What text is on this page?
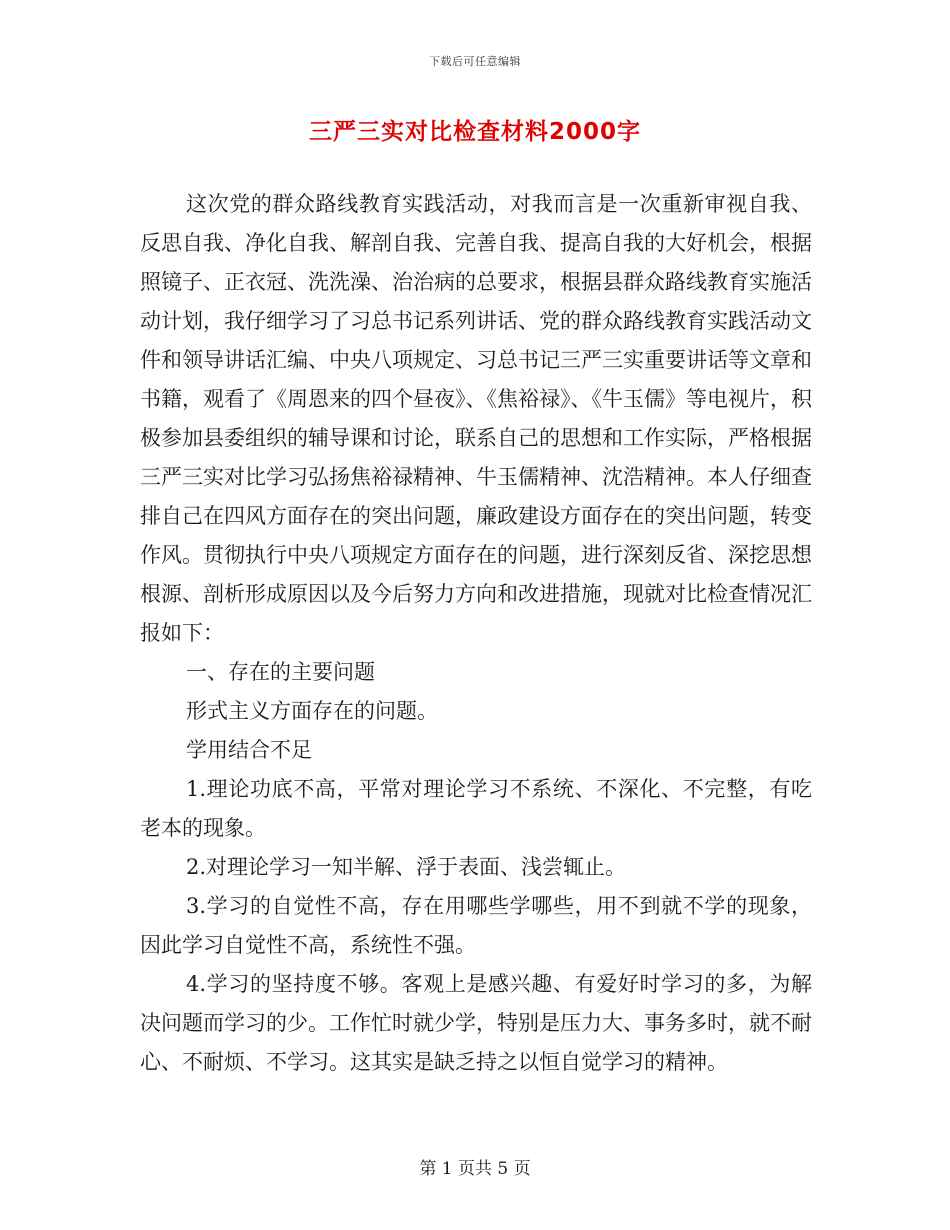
下载后可任意编辑
三严三实对比检查材料2000字

这次党的群众路线教育实践活动，对我而言是一次重新审视自我、反思自我、净化自我、解剖自我、完善自我、提高自我的大好机会，根据照镜子、正衣冠、洗洗澡、治治病的总要求，根据县群众路线教育实施活动计划，我仔细学习了习总书记系列讲话、党的群众路线教育实践活动文件和领导讲话汇编、中央八项规定、习总书记三严三实重要讲话等文章和书籍，观看了《周恩来的四个昼夜》、《焦裕禄》、《牛玉儒》等电视片，积极参加县委组织的辅导课和讨论，联系自己的思想和工作实际，严格根据三严三实对比学习弘扬焦裕禄精神、牛玉儒精神、沈浩精神。本人仔细查排自己在四风方面存在的突出问题，廉政建设方面存在的突出问题，转变作风。贯彻执行中央八项规定方面存在的问题，进行深刻反省、深挖思想根源、剖析形成原因以及今后努力方向和改进措施，现就对比检查情况汇报如下：

一、存在的主要问题

形式主义方面存在的问题。

学用结合不足

1.理论功底不高，平常对理论学习不系统、不深化、不完整，有吃老本的现象。

2.对理论学习一知半解、浮于表面、浅尝辄止。

3.学习的自觉性不高，存在用哪些学哪些，用不到就不学的现象，因此学习自觉性不高，系统性不强。

4.学习的坚持度不够。客观上是感兴趣、有爱好时学习的多，为解决问题而学习的少。工作忙时就少学，特别是压力大、事务多时，就不耐心、不耐烦、不学习。这其实是缺乏持之以恒自觉学习的精神。

第 1 页共 5 页
